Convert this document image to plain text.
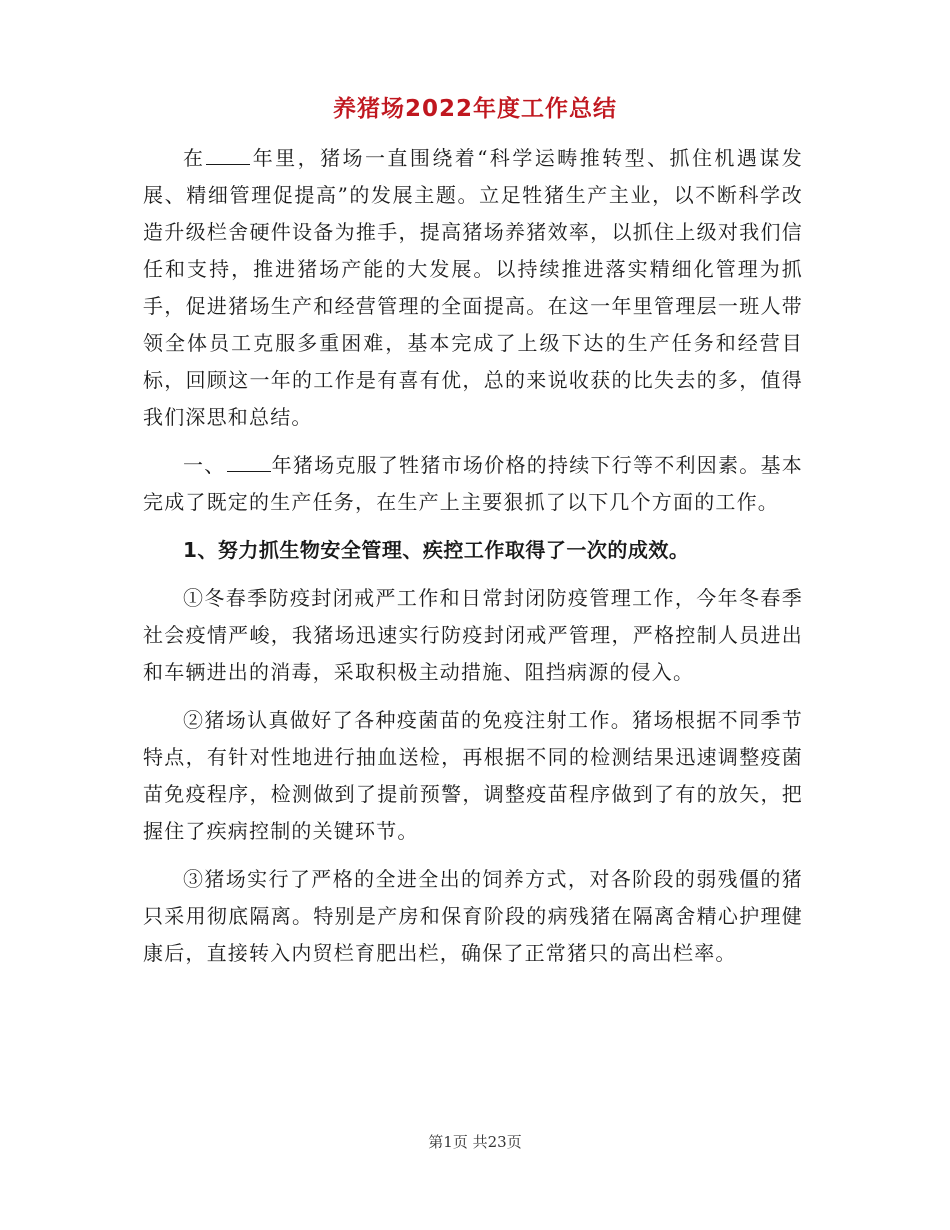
养猪场2022年度工作总结

在 年里，猪场一直围绕着“科学运畴推转型、抓住机遇谋发展、精细管理促提高”的发展主题。立足牲猪生产主业，以不断科学改造升级栏舍硬件设备为推手，提高猪场养猪效率，以抓住上级对我们信任和支持，推进猪场产能的大发展。以持续推进落实精细化管理为抓手，促进猪场生产和经营管理的全面提高。在这一年里管理层一班人带领全体员工克服多重困难，基本完成了上级下达的生产任务和经营目标，回顾这一年的工作是有喜有优，总的来说收获的比失去的多，值得我们深思和总结。

一、 年猪场克服了牲猪市场价格的持续下行等不利因素。基本完成了既定的生产任务，在生产上主要狠抓了以下几个方面的工作。

1、努力抓生物安全管理、疾控工作取得了一次的成效。

①冬春季防疫封闭戒严工作和日常封闭防疫管理工作，今年冬春季社会疫情严峻，我猪场迅速实行防疫封闭戒严管理，严格控制人员进出和车辆进出的消毒，采取积极主动措施、阻挡病源的侵入。

②猪场认真做好了各种疫菌苗的免疫注射工作。猪场根据不同季节特点，有针对性地进行抽血送检，再根据不同的检测结果迅速调整疫菌苗免疫程序，检测做到了提前预警，调整疫苗程序做到了有的放矢，把握住了疾病控制的关键环节。

③猪场实行了严格的全进全出的饲养方式，对各阶段的弱残僵的猪只采用彻底隔离。特别是产房和保育阶段的病残猪在隔离舍精心护理健康后，直接转入内贸栏育肥出栏，确保了正常猪只的高出栏率。

第1页 共23页
